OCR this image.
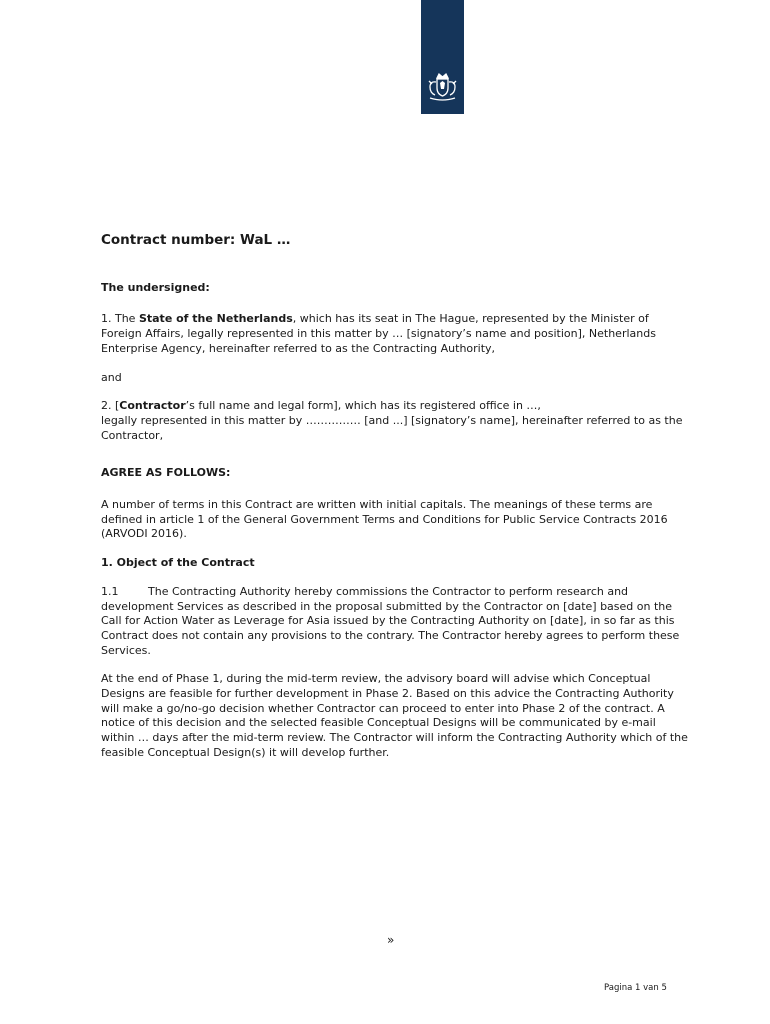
Contract number: WaL …
The undersigned:
1. The State of the Netherlands, which has its seat in The Hague, represented by the Minister of Foreign Affairs, legally represented in this matter by … [signatory’s name and position], Netherlands Enterprise Agency, hereinafter referred to as the Contracting Authority,
and
2. [Contractor’s full name and legal form], which has its registered office in …,
legally represented in this matter by …………… [and ...] [signatory’s name], hereinafter referred to as the Contractor,
AGREE AS FOLLOWS:
A number of terms in this Contract are written with initial capitals. The meanings of these terms are defined in article 1 of the General Government Terms and Conditions for Public Service Contracts 2016 (ARVODI 2016).
1. Object of the Contract
1.1	The Contracting Authority hereby commissions the Contractor to perform research and development Services as described in the proposal submitted by the Contractor on [date] based on the Call for Action Water as Leverage for Asia issued by the Contracting Authority on [date], in so far as this Contract does not contain any provisions to the contrary. The Contractor hereby agrees to perform these Services.
At the end of Phase 1, during the mid-term review, the advisory board will advise which Conceptual Designs are feasible for further development in Phase 2. Based on this advice the Contracting Authority will make a go/no-go decision whether Contractor can proceed to enter into Phase 2 of the contract. A notice of this decision and the selected feasible Conceptual Designs will be communicated by e-mail within … days after the mid-term review. The Contractor will inform the Contracting Authority which of the feasible Conceptual Design(s) it will develop further.
»
Pagina 1 van 5
